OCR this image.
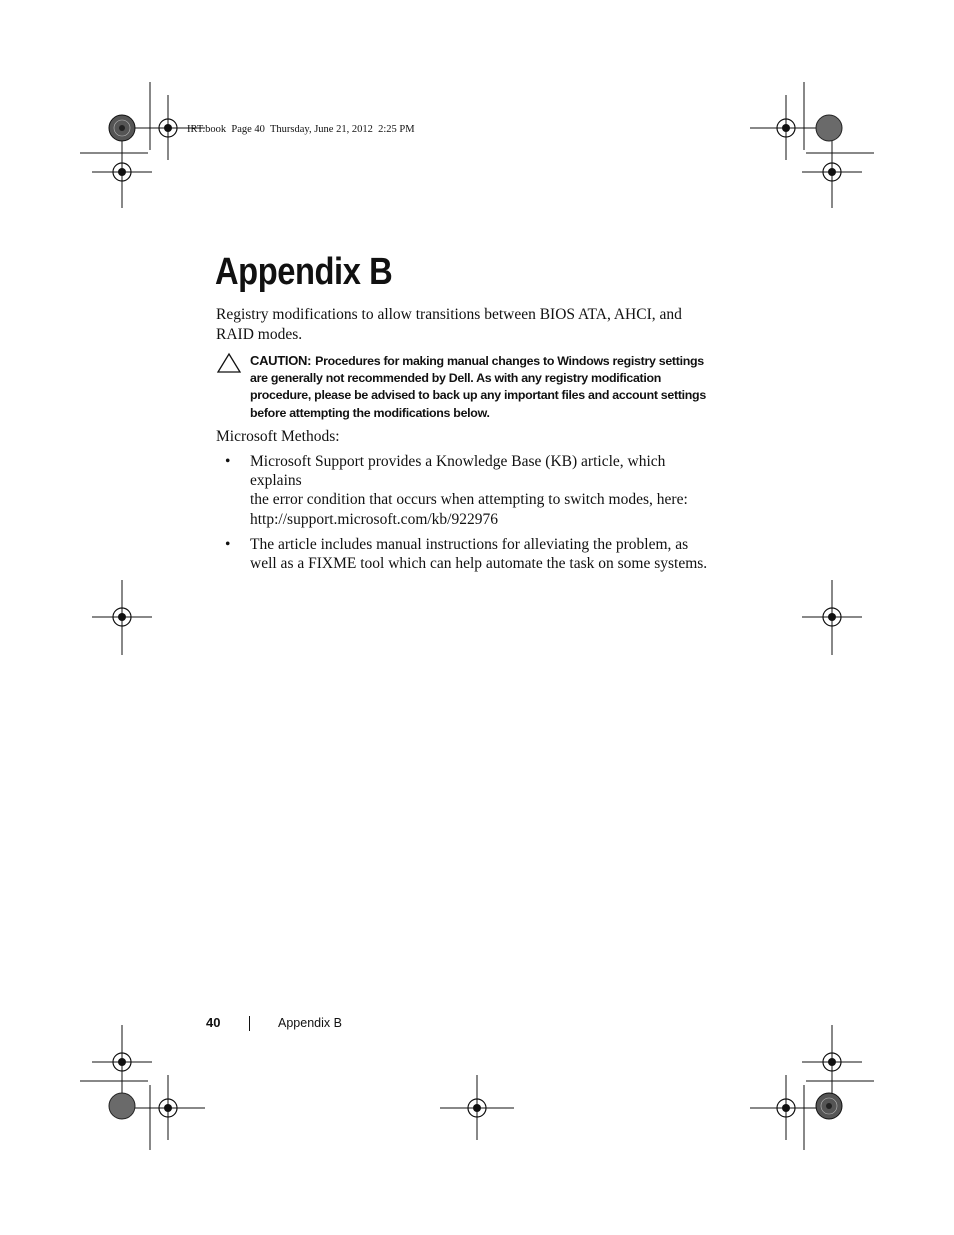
IRT.book  Page 40  Thursday, June 21, 2012  2:25 PM
Appendix B

Registry modifications to allow transitions between BIOS ATA, AHCI, and RAID modes.

CAUTION: Procedures for making manual changes to Windows registry settings are generally not recommended by Dell. As with any registry modification procedure, please be advised to back up any important files and account settings before attempting the modifications below.

Microsoft Methods:

• Microsoft Support provides a Knowledge Base (KB) article, which explains
the error condition that occurs when attempting to switch modes, here:
http://support.microsoft.com/kb/922976
• The article includes manual instructions for alleviating the problem, as
well as a FIXME tool which can help automate the task on some systems.
40	Appendix B
